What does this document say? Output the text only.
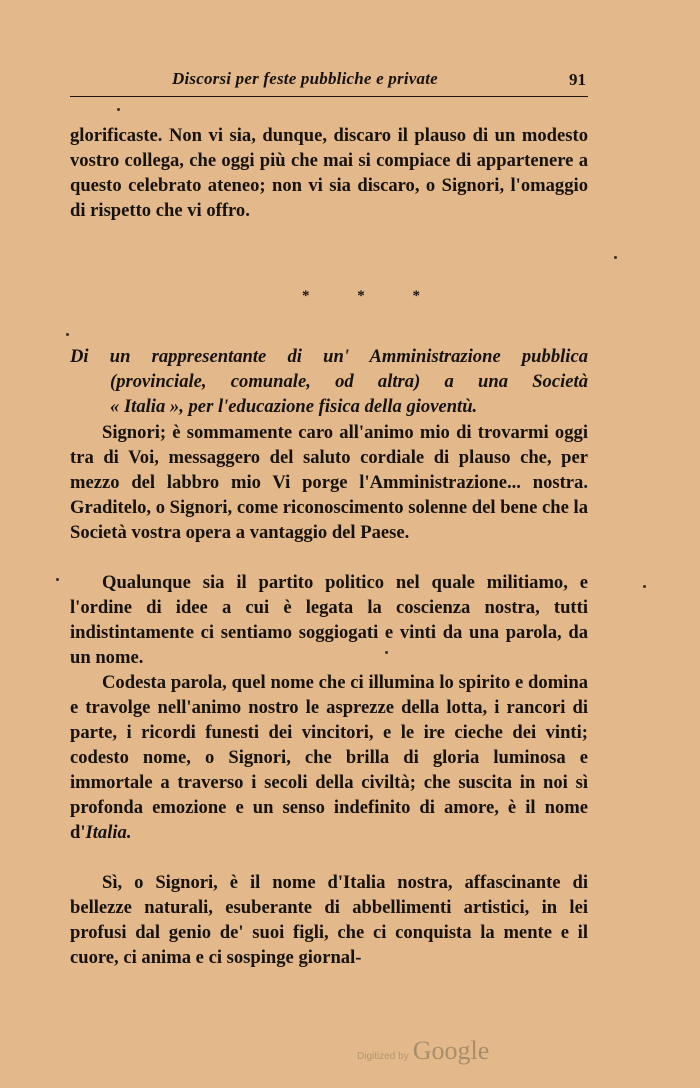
Discorsi per feste pubbliche e private	91
glorificaste. Non vi sia, dunque, discaro il plauso di un modesto vostro collega, che oggi più che mai si compiace di appartenere a questo celebrato ateneo; non vi sia discaro, o Signori, l'omaggio di rispetto che vi offro.
* * *
Di un rappresentante di un' Amministrazione pubblica
(provinciale, comunale, od altra) a una Società
« Italia », per l'educazione fisica della gioventù.
Signori; è sommamente caro all'animo mio di trovarmi oggi tra di Voi, messaggero del saluto cordiale di plauso che, per mezzo del labbro mio Vi porge l'Amministrazione... nostra. Graditelo, o Signori, come riconoscimento solenne del bene che la Società vostra opera a vantaggio del Paese.
Qualunque sia il partito politico nel quale militiamo, e l'ordine di idee a cui è legata la coscienza nostra, tutti indistintamente ci sentiamo soggiogati e vinti da una parola, da un nome.
Codesta parola, quel nome che ci illumina lo spirito e domina e travolge nell'animo nostro le asprezze della lotta, i rancori di parte, i ricordi funesti dei vincitori, e le ire cieche dei vinti; codesto nome, o Signori, che brilla di gloria luminosa e immortale a traverso i secoli della civiltà; che suscita in noi sì profonda emozione e un senso indefinito di amore, è il nome d'Italia.
Sì, o Signori, è il nome d'Italia nostra, affascinante di bellezze naturali, esuberante di abbellimenti artistici, in lei profusi dal genio de' suoi figli, che ci conquista la mente e il cuore, ci anima e ci sospinge giornal-
Digitized by Google
